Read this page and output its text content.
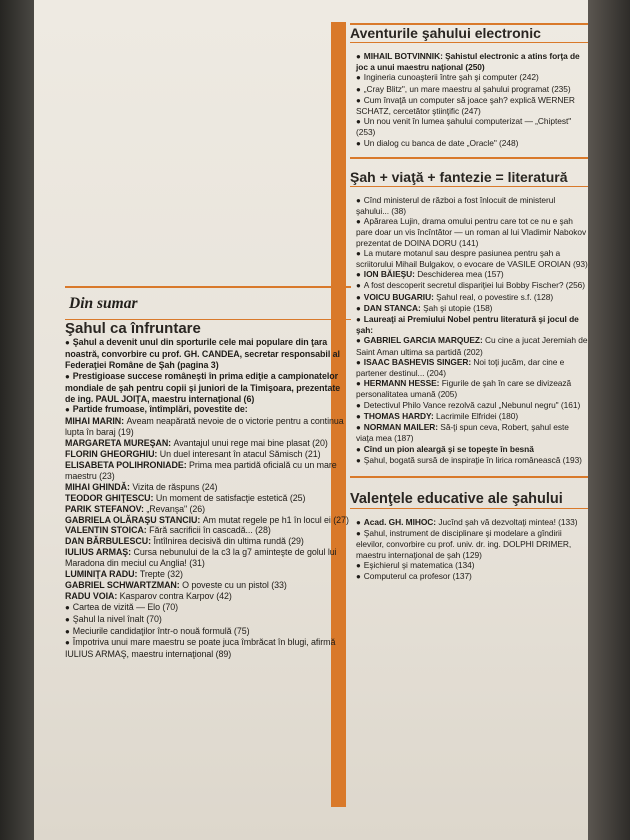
Din sumar
Şahul ca înfruntare
● Şahul a devenit unul din sporturile cele mai populare din ţara noastră, convorbire cu prof. GH. CANDEA, secretar responsabil al Federaţiei Române de Şah (pagina 3)
● Prestigioase succese româneşti în prima ediţie a campionatelor mondiale de şah pentru copii şi juniori de la Timişoara, prezentate de ing. PAUL JOIŢA, maestru internaţional (6)
● Partide frumoase, întîmplări, povestite de:
MIHAI MARIN: Aveam neapărată nevoie de o victorie pentru a continua lupta în baraj (19)
MARGARETA MUREŞAN: Avantajul unui rege mai bine plasat (20)
FLORIN GHEORGHIU: Un duel interesant în atacul Sămisch (21)
ELISABETA POLIHRONIADE: Prima mea partidă oficială cu un mare maestru (23)
MIHAI GHINDĂ: Vizita de răspuns (24)
TEODOR GHIŢESCU: Un moment de satisfacţie estetică (25)
PARIK STEFANOV: „Revanşa" (26)
GABRIELA OLĂRAŞU STANCIU: Am mutat regele pe h1 în locul ei (27)
VALENTIN STOICA: Fără sacrificii în cascadă... (28)
DAN BĂRBULESCU: Întîlnirea decisivă din ultima rundă (29)
IULIUS ARMAŞ: Cursa nebunului de la c3 la g7 aminteşte de golul lui Maradona din meciul cu Anglia! (31)
LUMINIŢA RADU: Trepte (32)
GABRIEL SCHWARTZMAN: O poveste cu un pistol (33)
RADU VOIA: Kasparov contra Karpov (42)
● Cartea de vizită — Elo (70)
● Şahul la nivel înalt (70)
● Meciurile candidaţilor într-o nouă formulă (75)
● Împotriva unui mare maestru se poate juca îmbrăcat în blugi, afirmă IULIUS ARMAŞ, maestru internaţional (89)
Aventurile şahului electronic
● MIHAIL BOTVINNIK: Şahistul electronic a atins forţa de joc a unui maestru naţional (250)
● Ingineria cunoaşterii între şah şi computer (242)
● „Cray Blitz", un mare maestru al şahului programat (235)
● Cum învaţă un computer să joace şah? explică WERNER SCHATZ, cercetător ştiinţific (247)
● Un nou venit în lumea şahului computerizat — „Chiptest" (253)
● Un dialog cu banca de date „Oracle" (248)
Şah + viaţă + fantezie = literatură
● Cînd ministerul de război a fost înlocuit de ministerul şahului... (38)
● Apărarea Lujin, drama omului pentru care tot ce nu e şah pare doar un vis încîntător — un roman al lui Vladimir Nabokov prezentat de DOINA DORU (141)
● La mutare motanul sau despre pasiunea pentru şah a scriitorului Mihail Bulgakov, o evocare de VASILE OROIAN (93)
● ION BĂIEŞU: Deschiderea mea (157)
● A fost descoperit secretul dispariţiei lui Bobby Fischer? (256)
● VOICU BUGARIU: Şahul real, o povestire s.f. (128)
● DAN STANCA: Şah şi utopie (158)
● Laureaţi ai Premiului Nobel pentru literatură şi jocul de şah:
● GABRIEL GARCIA MARQUEZ: Cu cine a jucat Jeremiah de Saint Aman ultima sa partidă (202)
● ISAAC BASHEVIS SINGER: Noi toţi jucăm, dar cine e partener destinul... (204)
● HERMANN HESSE: Figurile de şah în care se divizează personalitatea umană (205)
● Detectivul Philo Vance rezolvă cazul „Nebunul negru" (161)
● THOMAS HARDY: Lacrimile Elfridei (180)
● NORMAN MAILER: Să-ţi spun ceva, Robert, şahul este viaţa mea (187)
● Cînd un pion aleargă şi se topeşte în besnă
● Şahul, bogată sursă de inspiraţie în lirica românească (193)
Valenţele educative ale şahului
● Acad. GH. MIHOC: Jucînd şah vă dezvoltaţi mintea! (133)
● Şahul, instrument de disciplinare şi modelare a gîndirii elevilor, convorbire cu prof. univ. dr. ing. DOLPHI DRIMER, maestru internaţional de şah (129)
● Eşichierul şi matematica (134)
● Computerul ca profesor (137)
